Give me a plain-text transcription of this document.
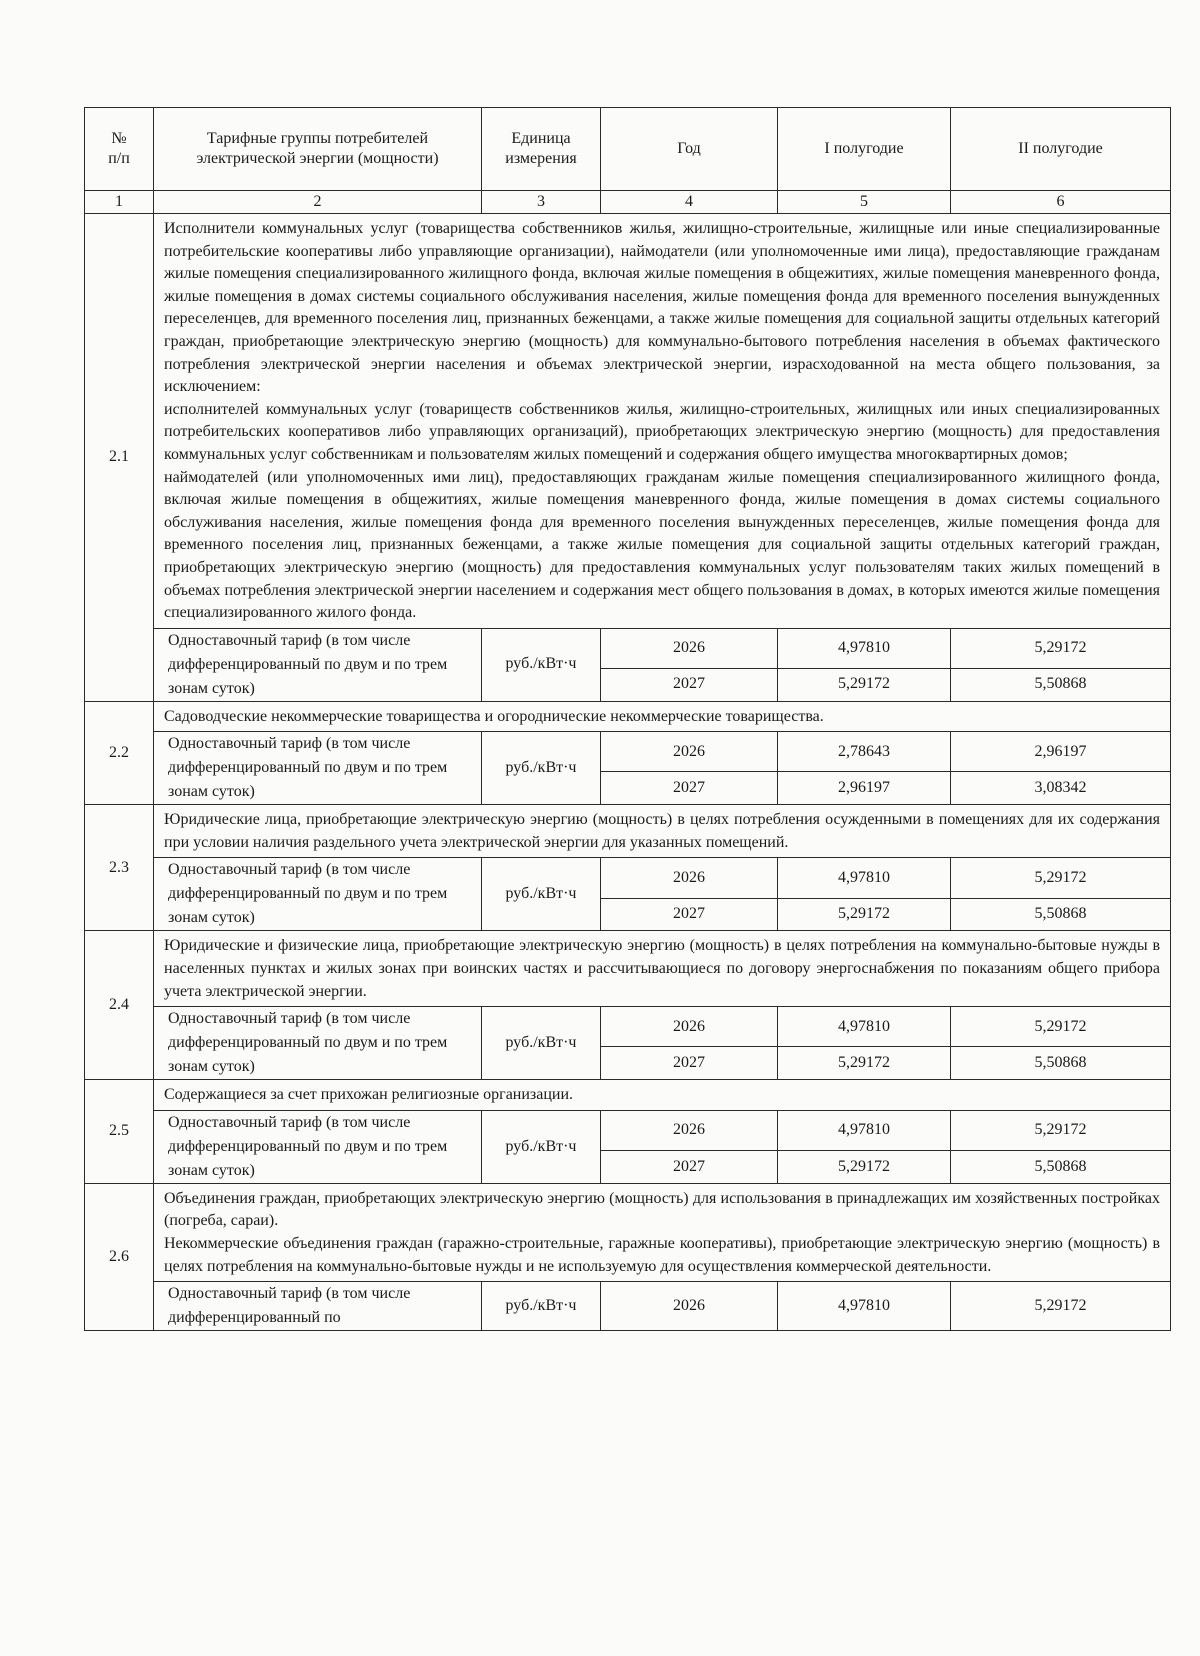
№
п/п	Тарифные группы потребителей электрической энергии (мощности)	Единица измерения	Год	I полугодие	II полугодие
1	2	3	4	5	6
2.1	Исполнители коммунальных услуг (товарищества собственников жилья, жилищно-строительные, жилищные или иные специализированные потребительские кооперативы либо управляющие организации), наймодатели (или уполномоченные ими лица), предоставляющие гражданам жилые помещения специализированного жилищного фонда, включая жилые помещения в общежитиях, жилые помещения маневренного фонда, жилые помещения в домах системы социального обслуживания населения, жилые помещения фонда для временного поселения вынужденных переселенцев, для временного поселения лиц, признанных беженцами, а также жилые помещения для социальной защиты отдельных категорий граждан, приобретающие электрическую энергию (мощность) для коммунально-бытового потребления населения в объемах фактического потребления электрической энергии населения и объемах электрической энергии, израсходованной на места общего пользования, за исключением:
исполнителей коммунальных услуг (товариществ собственников жилья, жилищно-строительных, жилищных или иных специализированных потребительских кооперативов либо управляющих организаций), приобретающих электрическую энергию (мощность) для предоставления коммунальных услуг собственникам и пользователям жилых помещений и содержания общего имущества многоквартирных домов;
наймодателей (или уполномоченных ими лиц), предоставляющих гражданам жилые помещения специализированного жилищного фонда, включая жилые помещения в общежитиях, жилые помещения маневренного фонда, жилые помещения в домах системы социального обслуживания населения, жилые помещения фонда для временного поселения вынужденных переселенцев, жилые помещения фонда для временного поселения лиц, признанных беженцами, а также жилые помещения для социальной защиты отдельных категорий граждан, приобретающих электрическую энергию (мощность) для предоставления коммунальных услуг пользователям таких жилых помещений в объемах потребления электрической энергии населением и содержания мест общего пользования в домах, в которых имеются жилые помещения специализированного жилого фонда.				

	Одноставочный тариф (в том числе дифференцированный по двум и по трем зонам суток)	руб./кВт·ч	2026	4,97810	5,29172
			2027	5,29172	5,50868
2.2	Садоводческие некоммерческие товарищества и огороднические некоммерческие товарищества.				

	Одноставочный тариф (в том числе дифференцированный по двум и по трем зонам суток)	руб./кВт·ч	2026	2,78643	2,96197
			2027	2,96197	3,08342
2.3	Юридические лица, приобретающие электрическую энергию (мощность) в целях потребления осужденными в помещениях для их содержания при условии наличия раздельного учета электрической энергии для указанных помещений.				

	Одноставочный тариф (в том числе дифференцированный по двум и по трем зонам суток)	руб./кВт·ч	2026	4,97810	5,29172
			2027	5,29172	5,50868
2.4	Юридические и физические лица, приобретающие электрическую энергию (мощность) в целях потребления на коммунально-бытовые нужды в населенных пунктах и жилых зонах при воинских частях и рассчитывающиеся по договору энергоснабжения по показаниям общего прибора учета электрической энергии.				

	Одноставочный тариф (в том числе дифференцированный по двум и по трем зонам суток)	руб./кВт·ч	2026	4,97810	5,29172
			2027	5,29172	5,50868
2.5	Содержащиеся за счет прихожан религиозные организации.				

	Одноставочный тариф (в том числе дифференцированный по двум и по трем зонам суток)	руб./кВт·ч	2026	4,97810	5,29172
			2027	5,29172	5,50868
2.6	Объединения граждан, приобретающих электрическую энергию (мощность) для использования в принадлежащих им хозяйственных постройках (погреба, сараи).
Некоммерческие объединения граждан (гаражно-строительные, гаражные кооперативы), приобретающие электрическую энергию (мощность) в целях потребления на коммунально-бытовые нужды и не используемую для осуществления коммерческой деятельности.				

	Одноставочный тариф (в том числе дифференцированный по	руб./кВт·ч	2026	4,97810	5,29172
